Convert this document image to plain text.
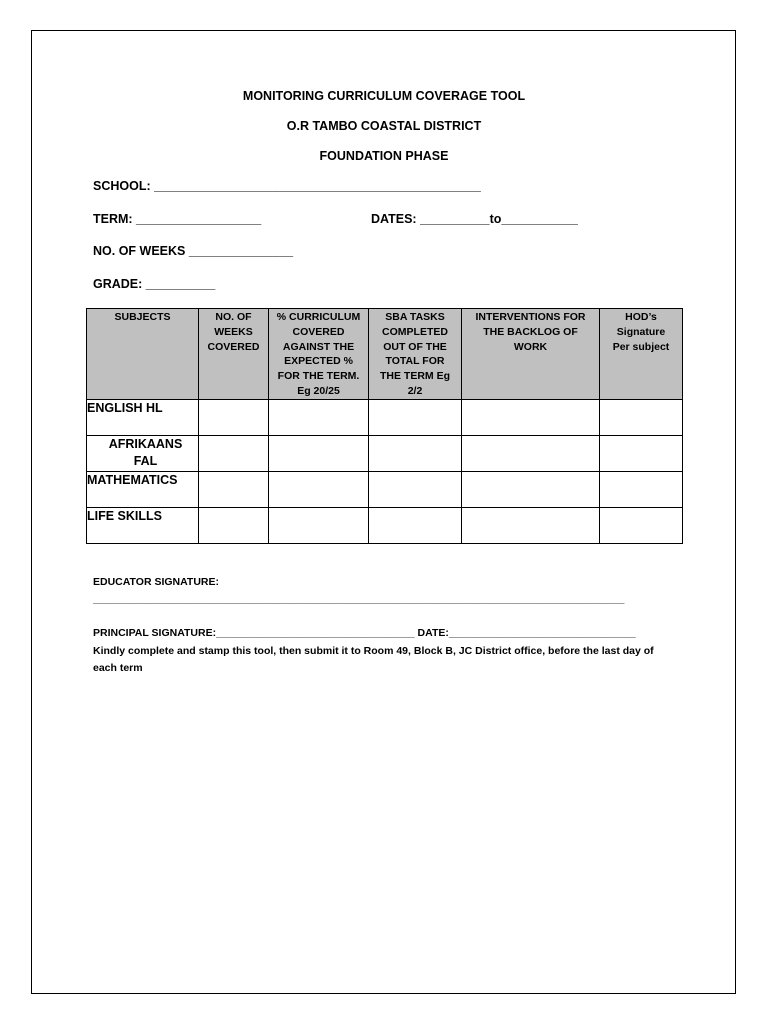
MONITORING CURRICULUM COVERAGE TOOL
O.R TAMBO COASTAL DISTRICT
FOUNDATION PHASE
SCHOOL: _______________________________________________
TERM: __________________	DATES: __________to___________
NO. OF WEEKS _______________
GRADE: __________
SUBJECTS	NO. OF WEEKS COVERED	% CURRICULUM COVERED AGAINST THE EXPECTED % FOR THE TERM. Eg 20/25	SBA TASKS COMPLETED OUT OF THE TOTAL FOR THE TERM Eg 2/2	INTERVENTIONS FOR THE BACKLOG OF WORK	HOD’s Signature Per subject
ENGLISH HL					
AFRIKAANS FAL					
MATHEMATICS					
LIFE SKILLS					
EDUCATOR SIGNATURE:
___________________________________________________________________________________________
PRINCIPAL SIGNATURE:__________________________________ DATE:________________________________
Kindly complete and stamp this tool, then submit it to Room 49, Block B, JC District office, before the last day of each term
